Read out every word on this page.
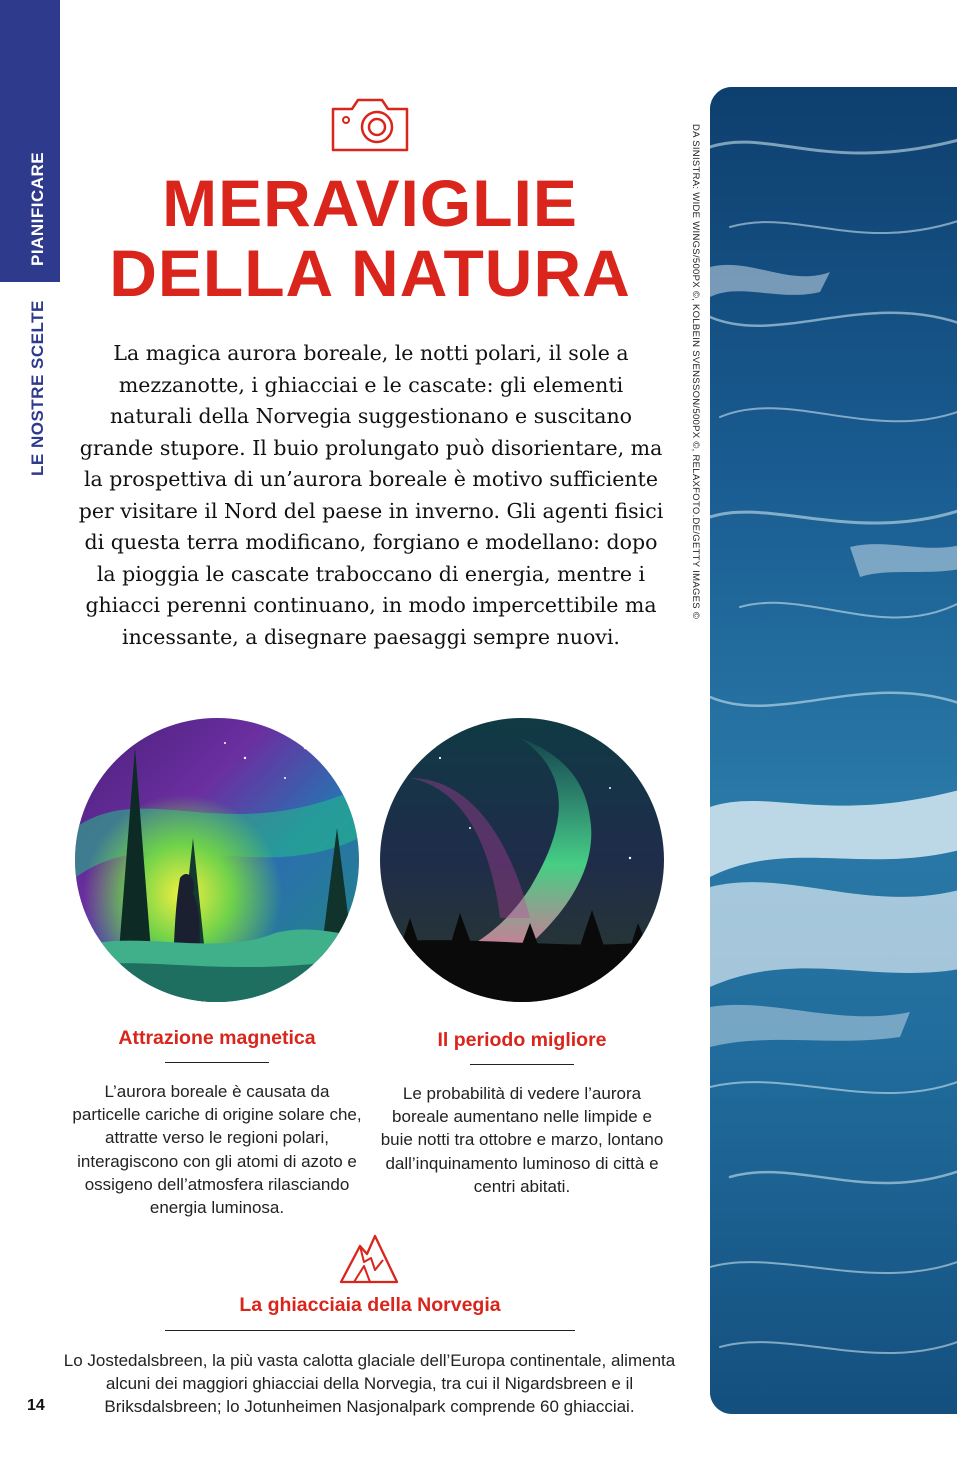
PIANIFICARE
LE NOSTRE SCELTE
MERAVIGLIE
DELLA NATURA

La magica aurora boreale, le notti polari, il sole a mezzanotte, i ghiacciai e le cascate: gli elementi naturali della Norvegia suggestionano e suscitano grande stupore. Il buio prolungato può disorientare, ma la prospettiva di un’aurora boreale è motivo sufficiente per visitare il Nord del paese in inverno. Gli agenti fisici di questa terra modificano, forgiano e modellano: dopo la pioggia le cascate traboccano di energia, mentre i ghiacci perenni continuano, in modo impercettibile ma incessante, a disegnare paesaggi sempre nuovi.

Attrazione magnetica

L’aurora boreale è causata da particelle cariche di origine solare che, attratte verso le regioni polari, interagiscono con gli atomi di azoto e ossigeno dell’atmosfera rilasciando energia luminosa.

Il periodo migliore

Le probabilità di vedere l’aurora boreale aumentano nelle limpide e buie notti tra ottobre e marzo, lontano dall’inquinamento luminoso di città e centri abitati.

La ghiacciaia della Norvegia

Lo Jostedalsbreen, la più vasta calotta glaciale dell’Europa continentale, alimenta alcuni dei maggiori ghiacciai della Norvegia, tra cui il Nigardsbreen e il Briksdalsbreen; lo Jotunheimen Nasjonalpark comprende 60 ghiacciai.

14
DA SINISTRA: WIDE WINGS/500PX ©, KOLBEIN SVENSSON/500PX ©, RELAXFOTO.DE/GETTY IMAGES ©
